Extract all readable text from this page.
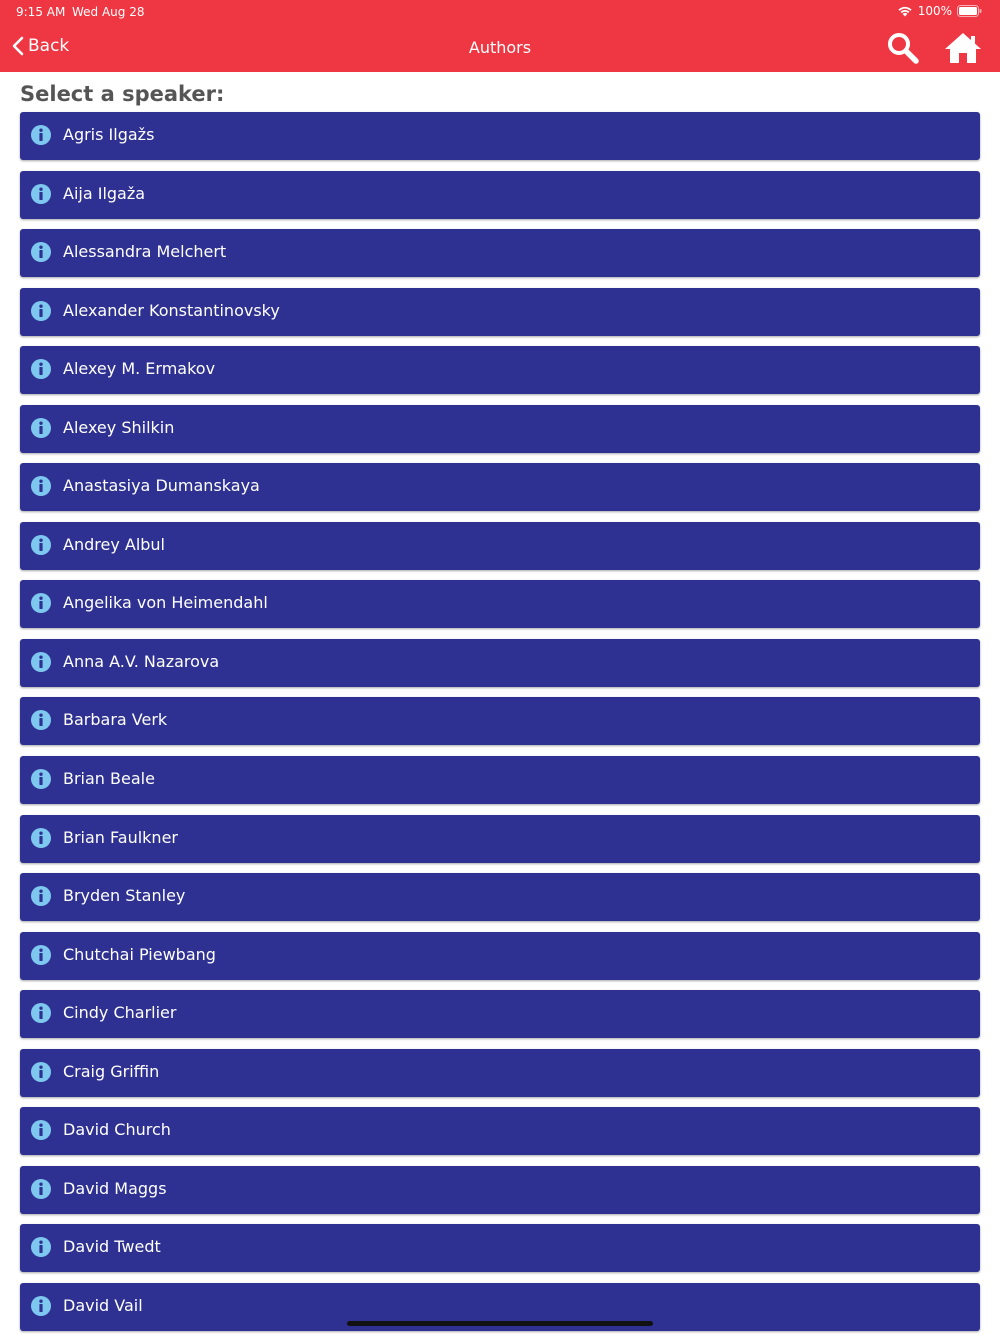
9:15 AM Wed Aug 28	100%
Back	Authors
Select a speaker:
Agris Ilgažs
Aija Ilgaža
Alessandra Melchert
Alexander Konstantinovsky
Alexey M. Ermakov
Alexey Shilkin
Anastasiya Dumanskaya
Andrey Albul
Angelika von Heimendahl
Anna A.V. Nazarova
Barbara Verk
Brian Beale
Brian Faulkner
Bryden Stanley
Chutchai Piewbang
Cindy Charlier
Craig Griffin
David Church
David Maggs
David Twedt
David Vail
